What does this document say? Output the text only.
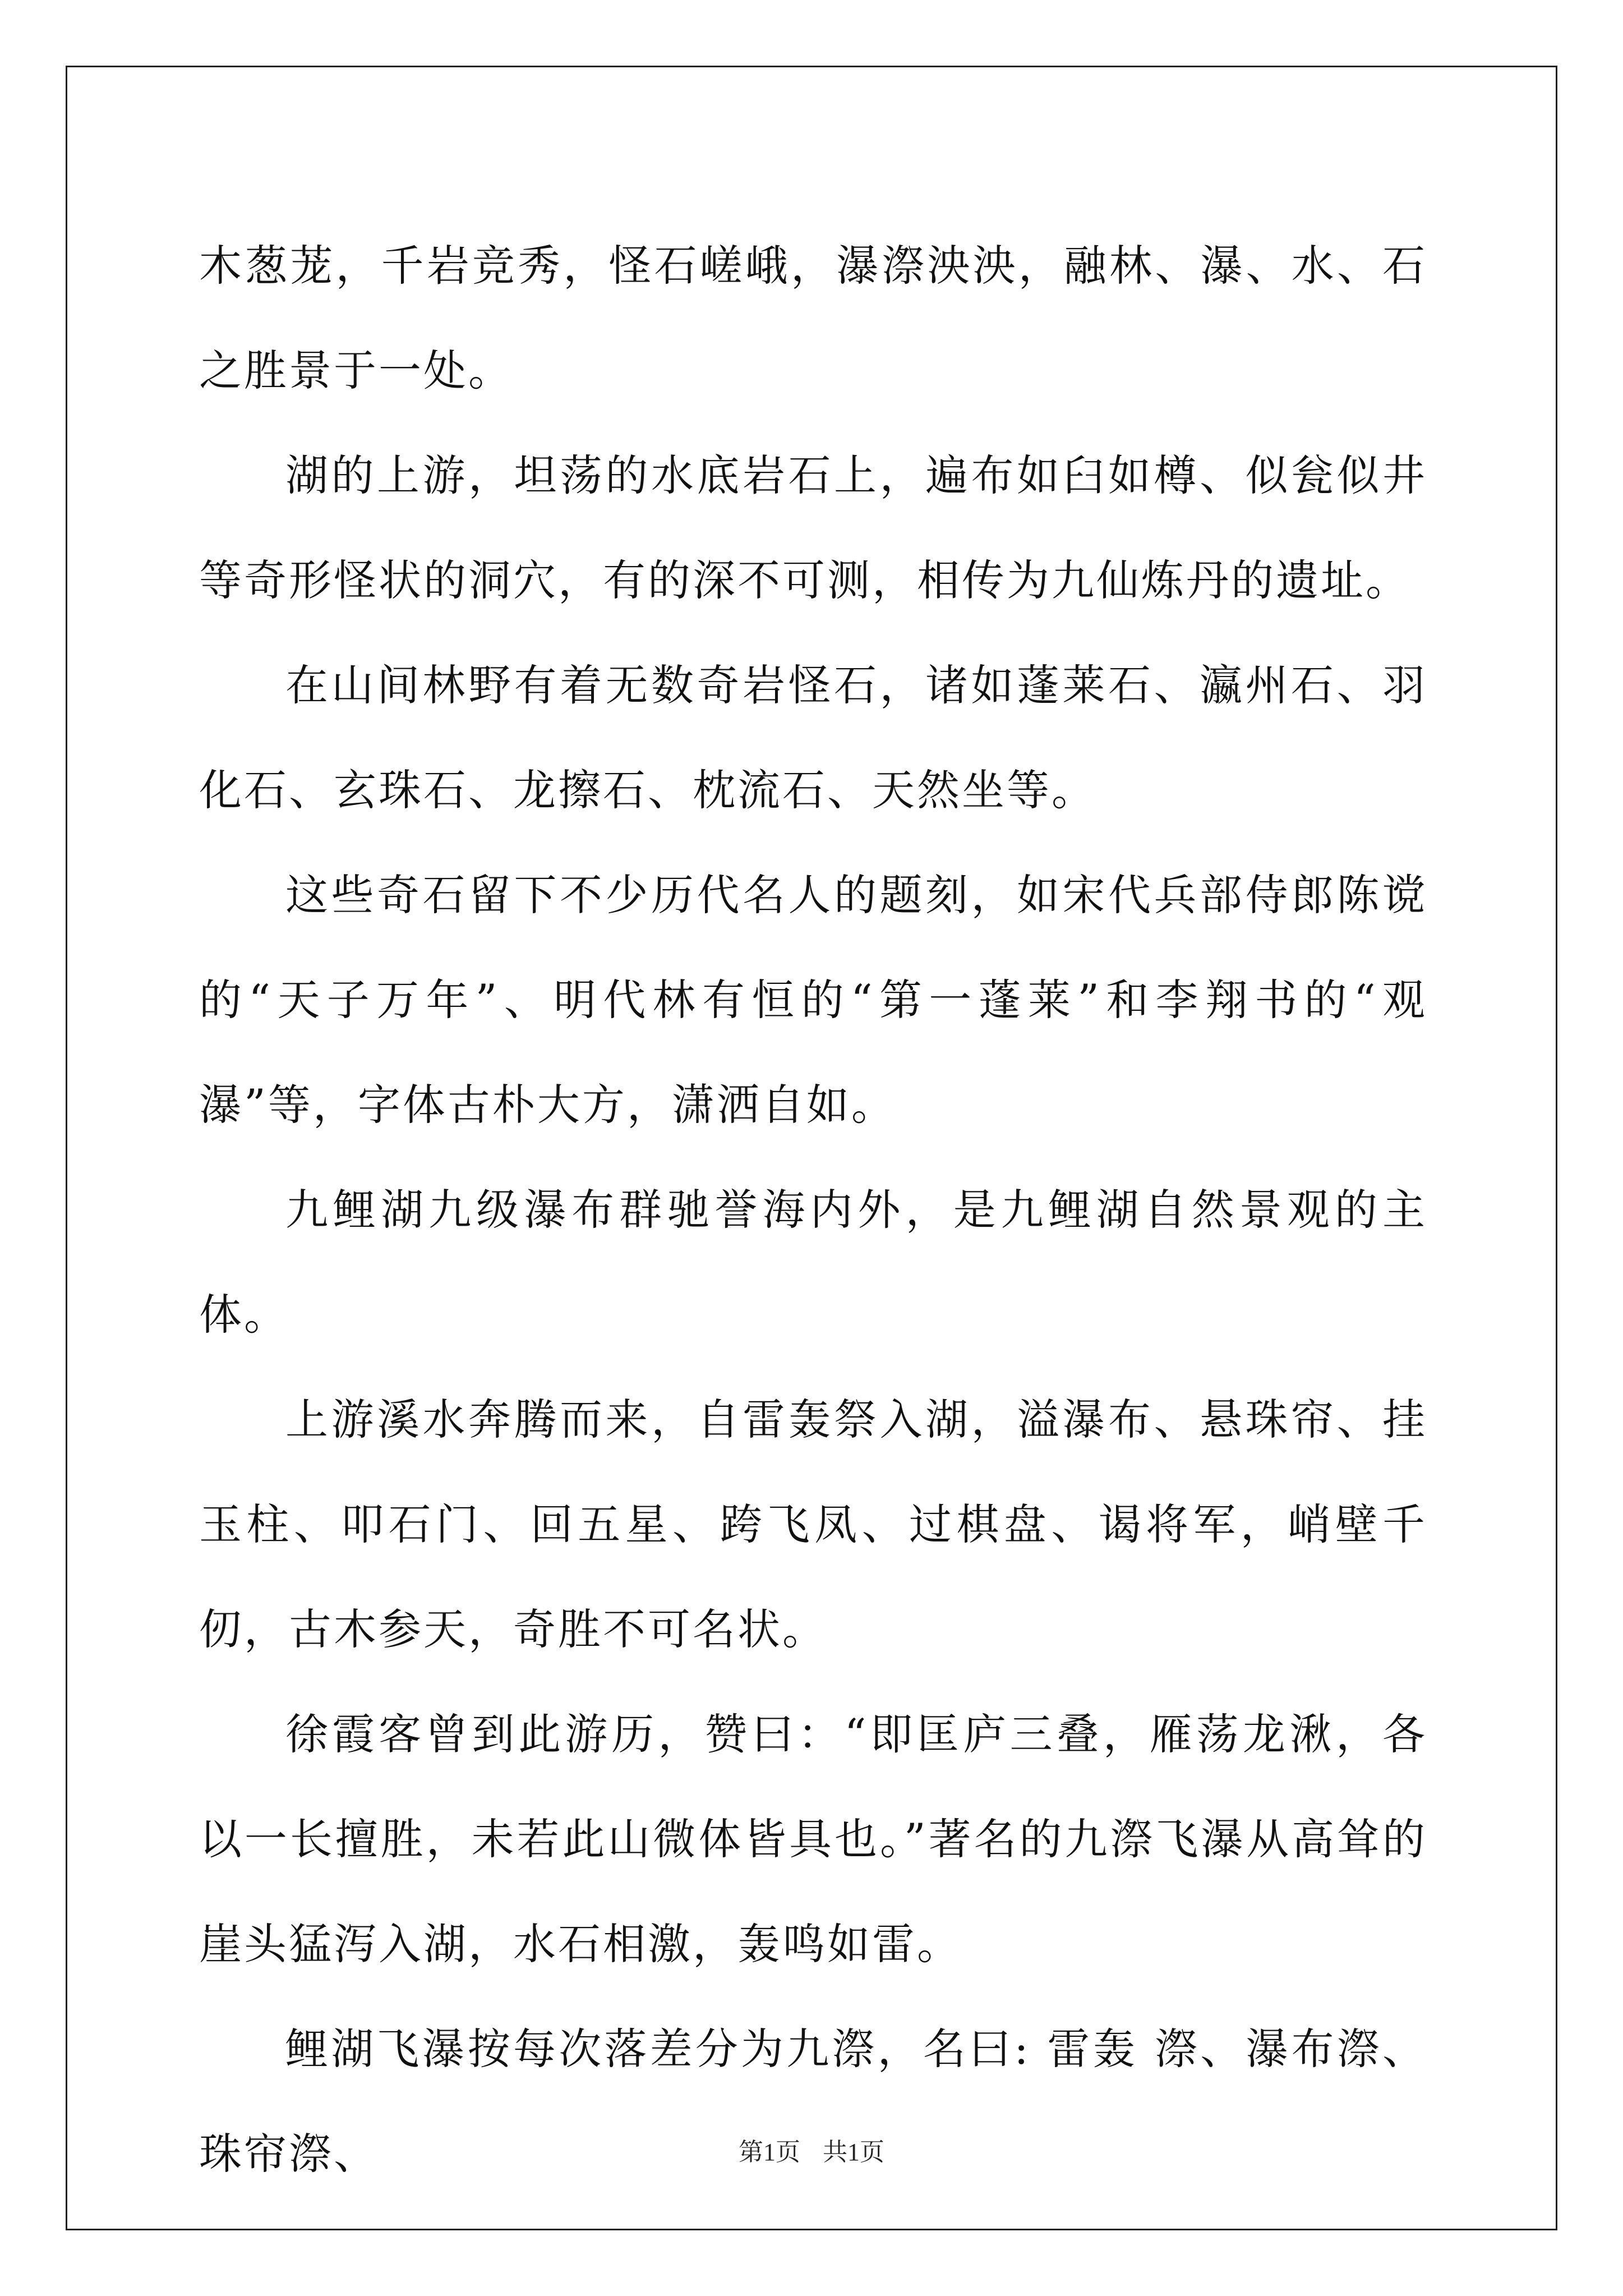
木葱茏，千岩竞秀，怪石嵯峨，瀑漈泱泱，融林、瀑、水、石之胜景于一处。

湖的上游，坦荡的水底岩石上，遍布如臼如樽、似瓮似井等奇形怪状的洞穴，有的深不可测，相传为九仙炼丹的遗址。

在山间林野有着无数奇岩怪石，诸如蓬莱石、瀛州石、羽化石、玄珠石、龙擦石、枕流石、天然坐等。

这些奇石留下不少历代名人的题刻，如宋代兵部侍郎陈谠的“天子万年”、明代林有恒的“第一蓬莱”和李翔书的“观瀑”等，字体古朴大方，潇洒自如。

九鲤湖九级瀑布群驰誉海内外，是九鲤湖自然景观的主体。

上游溪水奔腾而来，自雷轰祭入湖，溢瀑布、悬珠帘、挂玉柱、叩石门、回五星、跨飞凤、过棋盘、谒将军，峭壁千仞，古木参天，奇胜不可名状。

徐霞客曾到此游历，赞曰：“即匡庐三叠，雁荡龙湫，各以一长擅胜，未若此山微体皆具也。”著名的九漈飞瀑从高耸的崖头猛泻入湖，水石相激，轰鸣如雷。

鲤湖飞瀑按每次落差分为九漈，名曰: 雷轰 漈、瀑布漈、珠帘漈、	第1页 共1页
